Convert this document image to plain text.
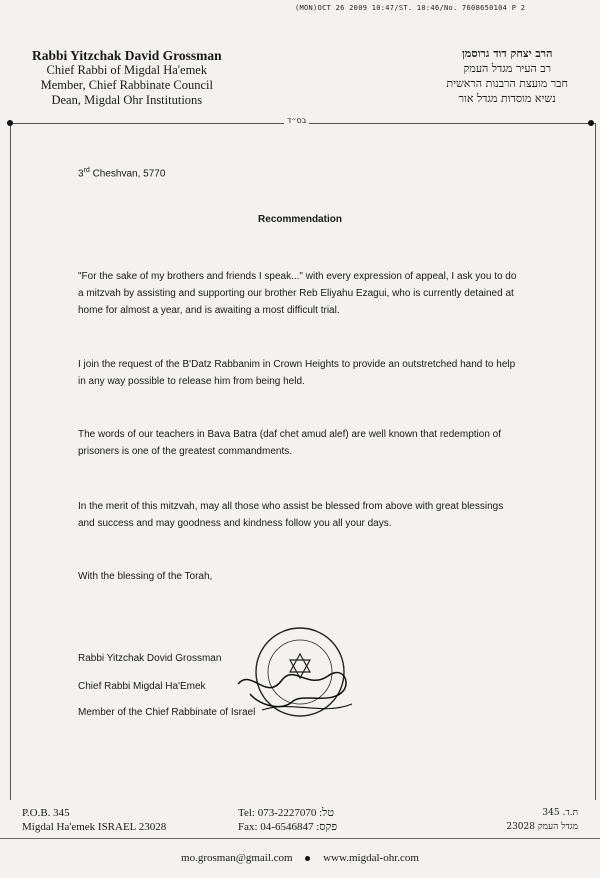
(MON)OCT 26 2009 10:47/ST. 10:46/No. 7608650104 P 2
Rabbi Yitzchak David Grossman
Chief Rabbi of Migdal Ha'emek
Member, Chief Rabbinate Council
Dean, Migdal Ohr Institutions
הרב יצחק דוד גרוסמן
רב העיר מגדל העמק
חבר מועצת הרבנות הראשית
נשיא מוסדות מגדל אור
בס״ד
3rd Cheshvan, 5770
Recommendation
"For the sake of my brothers and friends I speak..." with every expression of appeal, I ask you to do a mitzvah by assisting and supporting our brother Reb Eliyahu Ezagui, who is currently detained at home for almost a year, and is awaiting a most difficult trial.
I join the request of the B'Datz Rabbanim in Crown Heights to provide an outstretched hand to help in any way possible to release him from being held.
The words of our teachers in Bava Batra (daf chet amud alef) are well known that redemption of prisoners is one of the greatest commandments.
In the merit of this mitzvah, may all those who assist be blessed from above with great blessings and success and may goodness and kindness follow you all your days.
With the blessing of the Torah,
Rabbi Yitzchak Dovid Grossman
Chief Rabbi Migdal Ha'Emek
Member of the Chief Rabbinate of Israel
P.O.B. 345
Migdal Ha'emek ISRAEL 23028
Tel: 073-2227070 :טל
Fax: 04-6546847 :פקס
ת.ד. 345
מגדל העמק 23028
mo.grosman@gmail.com	www.migdal-ohr.com
